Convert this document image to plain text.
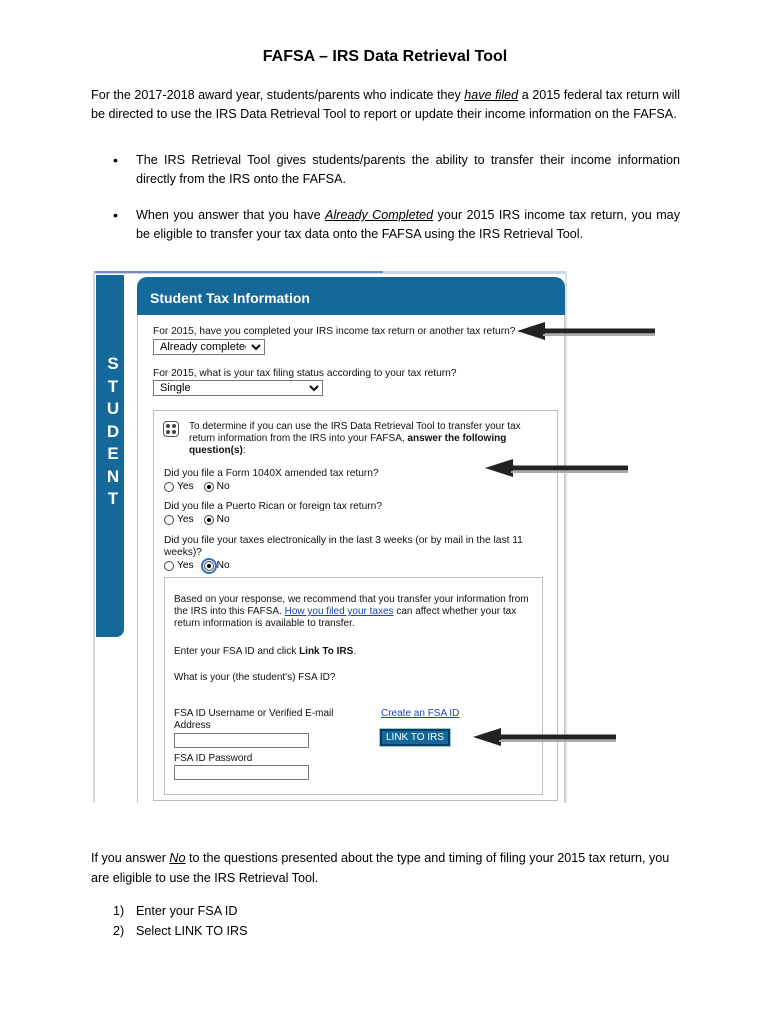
FAFSA – IRS Data Retrieval Tool

For the 2017-2018 award year, students/parents who indicate they have filed a 2015 federal tax return will be directed to use the IRS Data Retrieval Tool to report or update their income information on the FAFSA.

• The IRS Retrieval Tool gives students/parents the ability to transfer their income information directly from the IRS onto the FAFSA.
• When you answer that you have Already Completed your 2015 IRS income tax return, you may be eligible to transfer your tax data onto the FAFSA using the IRS Retrieval Tool.
S
T
U
D
E
N
T
Student Tax Information
For 2015, have you completed your IRS income tax return or another tax return?
Already completed
For 2015, what is your tax filing status according to your tax return?
Single
To determine if you can use the IRS Data Retrieval Tool to transfer your tax return information from the IRS into your FAFSA, answer the following question(s):
Did you file a Form 1040X amended tax return?
Yes No
Did you file a Puerto Rican or foreign tax return?
Yes No
Did you file your taxes electronically in the last 3 weeks (or by mail in the last 11 weeks)?
Yes No
Based on your response, we recommend that you transfer your information from the IRS into this FAFSA. How you filed your taxes can affect whether your tax return information is available to transfer.
Enter your FSA ID and click Link To IRS.
What is your (the student's) FSA ID?
FSA ID Username or Verified E-mail Address
Create an FSA ID
LINK TO IRS
FSA ID Password

If you answer No to the questions presented about the type and timing of filing your 2015 tax return, you are eligible to use the IRS Retrieval Tool.

1) Enter your FSA ID
2) Select LINK TO IRS
